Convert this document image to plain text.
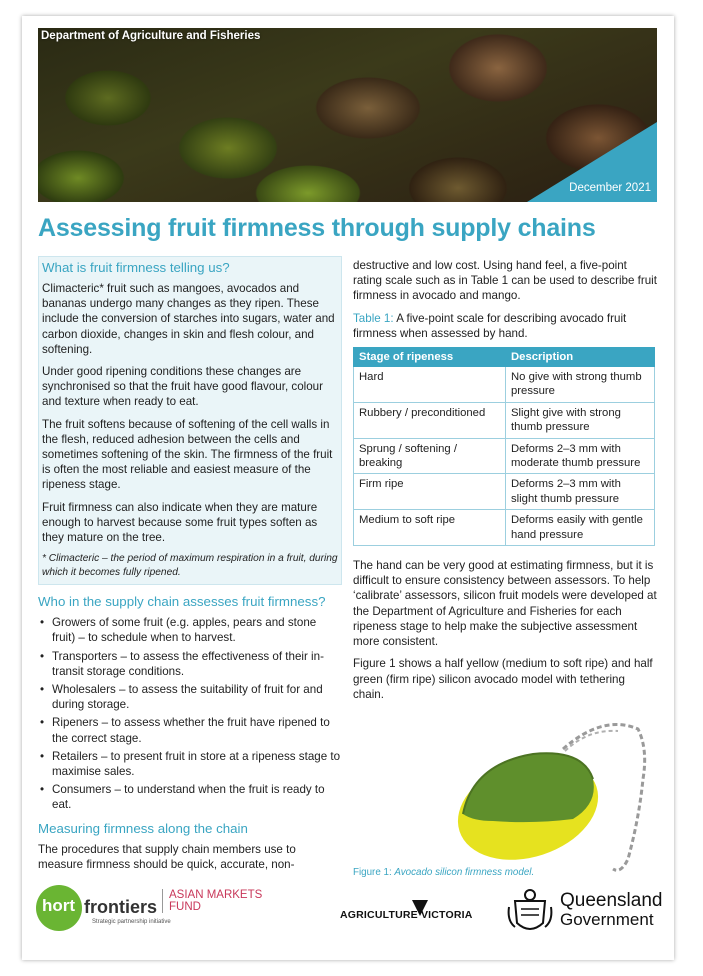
Department of Agriculture and Fisheries
December 2021
Assessing fruit firmness through supply chains
What is fruit firmness telling us?

Climacteric* fruit such as mangoes, avocados and bananas undergo many changes as they ripen. These include the conversion of starches into sugars, water and carbon dioxide, changes in skin and flesh colour, and softening.

Under good ripening conditions these changes are synchronised so that the fruit have good flavour, colour and texture when ready to eat.

The fruit softens because of softening of the cell walls in the flesh, reduced adhesion between the cells and sometimes softening of the skin. The firmness of the fruit is often the most reliable and easiest measure of the ripeness stage.

Fruit firmness can also indicate when they are mature enough to harvest because some fruit types soften as they mature on the tree.

* Climacteric – the period of maximum respiration in a fruit, during which it becomes fully ripened.

Who in the supply chain assesses fruit firmness?
• Growers of some fruit (e.g. apples, pears and stone fruit) – to schedule when to harvest.
• Transporters – to assess the effectiveness of their in-transit storage conditions.
• Wholesalers – to assess the suitability of fruit for and during storage.
• Ripeners – to assess whether the fruit have ripened to the correct stage.
• Retailers – to present fruit in store at a ripeness stage to maximise sales.
• Consumers – to understand when the fruit is ready to eat.
Measuring firmness along the chain

The procedures that supply chain members use to measure firmness should be quick, accurate, non-

destructive and low cost. Using hand feel, a five-point rating scale such as in Table 1 can be used to describe fruit firmness in avocado and mango.

Table 1: A five-point scale for describing avocado fruit firmness when assessed by hand.

Stage of ripeness	Description
Hard	No give with strong thumb pressure
Rubbery / preconditioned	Slight give with strong thumb pressure
Sprung / softening / breaking	Deforms 2–3 mm with moderate thumb pressure
Firm ripe	Deforms 2–3 mm with slight thumb pressure
Medium to soft ripe	Deforms easily with gentle hand pressure

The hand can be very good at estimating firmness, but it is difficult to ensure consistency between assessors. To help ‘calibrate’ assessors, silicon fruit models were developed at the Department of Agriculture and Fisheries for each ripeness stage to help make the subjective assessment more consistent.

Figure 1 shows a half yellow (medium to soft ripe) and half green (firm ripe) silicon avocado model with tethering chain.

Figure 1: Avocado silicon firmness model.
hort frontiers
Strategic partnership initiative
ASIAN MARKETS
FUND
AGRICULTURE VICTORIA
Queensland
Government
